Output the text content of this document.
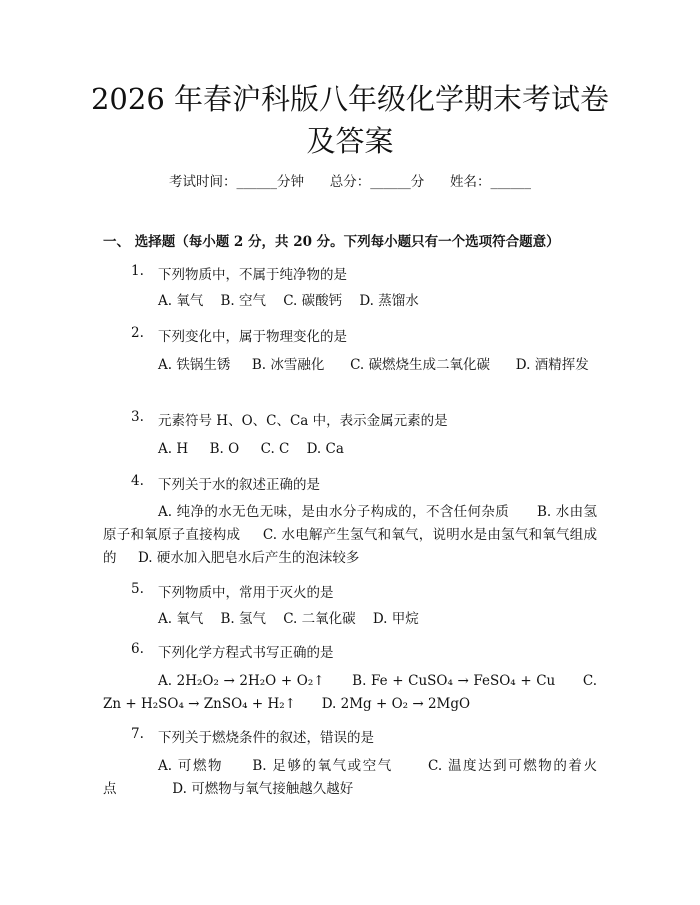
2026 年春沪科版八年级化学期末考试卷及答案
考试时间：______分钟      总分：______分      姓名：______
一、 选择题（每小题 2 分，共 20 分。下列每小题只有一个选项符合题意）
1. 下列物质中，不属于纯净物的是
A. 氧气 B. 空气 C. 碳酸钙 D. 蒸馏水
2. 下列变化中，属于物理变化的是
A. 铁锅生锈 B. 冰雪融化 C. 碳燃烧生成二氧化碳 D. 酒精挥发
3. 元素符号 H、O、C、Ca 中，表示金属元素的是
A. H B. O C. C D. Ca
4. 下列关于水的叙述正确的是
A. 纯净的水无色无味，是由水分子构成的，不含任何杂质 B. 水由氢原子和氧原子直接构成 C. 水电解产生氢气和氧气，说明水是由氢气和氧气组成的 D. 硬水加入肥皂水后产生的泡沫较多
5. 下列物质中，常用于灭火的是
A. 氧气 B. 氢气 C. 二氧化碳 D. 甲烷
6. 下列化学方程式书写正确的是
A. 2H₂O₂ → 2H₂O + O₂↑ B. Fe + CuSO₄ → FeSO₄ + Cu C. Zn + H₂SO₄ → ZnSO₄ + H₂↑ D. 2Mg + O₂ → 2MgO
7. 下列关于燃烧条件的叙述，错误的是
A. 可燃物 B. 足够的氧气或空气	C. 温度达到可燃物的着火点	D. 可燃物与氧气接触越久越好
